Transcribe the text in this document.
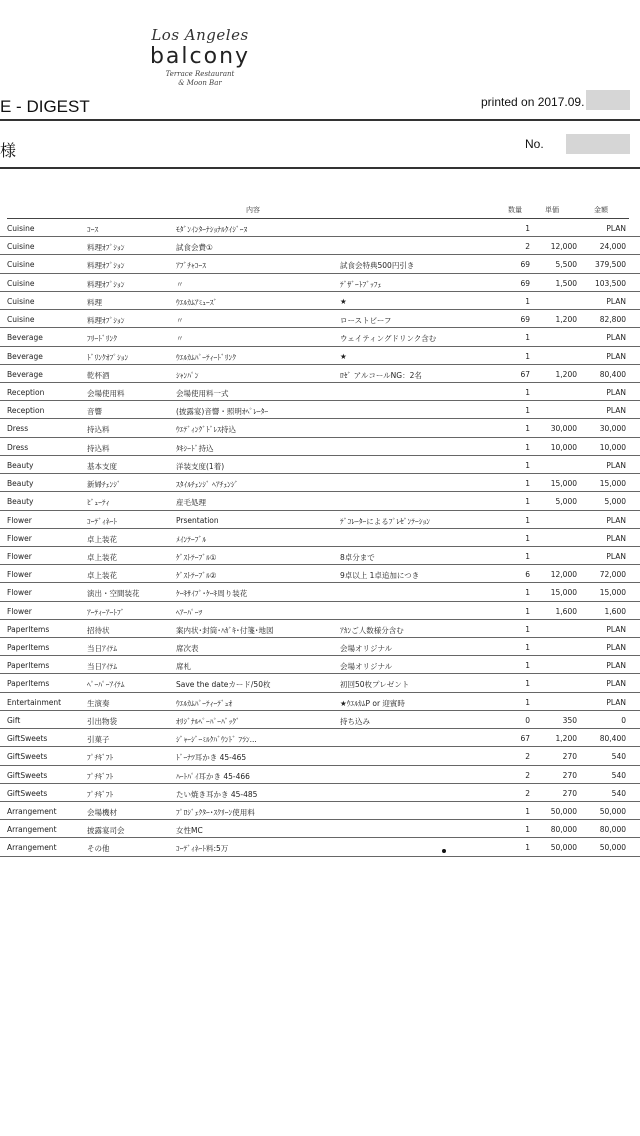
Los Angeles
balcony
Terrace Restaurant
& Moon Bar
E - DIGEST	printed on 2017.09.
様	No.
内容	数量	単価	金額
Cuisine	ｺｰｽ	ﾓﾀﾞﾝｲﾝﾀｰﾅｼｮﾅﾙｸｲｼﾞｰﾇ	1	PLAN
Cuisine	料理ｵﾌﾟｼｮﾝ	試食会費①	2	12,000	24,000
Cuisine	料理ｵﾌﾟｼｮﾝ	ｱﾌﾞﾁｬｺｰｽ	試食会特典500円引き	69	5,500	379,500
Cuisine	料理ｵﾌﾟｼｮﾝ	〃	ﾃﾞｻﾞｰﾄﾌﾞｯﾌｪ	69	1,500	103,500
Cuisine	料理	ｳｴﾙｶﾑｱﾐｭｰｽﾞ	★	1	PLAN
Cuisine	料理ｵﾌﾟｼｮﾝ	〃	ローストビーフ	69	1,200	82,800
Beverage	ﾌﾘｰﾄﾞﾘﾝｸ	〃	ウェイティングドリンク含む	1	PLAN
Beverage	ﾄﾞﾘﾝｸｵﾌﾟｼｮﾝ	ｳｴﾙｶﾑﾊﾟｰﾃｨｰﾄﾞﾘﾝｸ	★	1	PLAN
Beverage	乾杯酒	ｼｬﾝﾊﾟﾝ	ﾛｾﾞ アルコールNG：2名	67	1,200	80,400
Reception	会場使用料	会場使用料一式	1	PLAN
Reception	音響	(披露宴)音響・照明ｵﾍﾟﾚｰﾀｰ	1	PLAN
Dress	持込料	ｳｴﾃﾞｨﾝｸﾞﾄﾞﾚｽ持込	1	30,000	30,000
Dress	持込料	ﾀｷｼｰﾄﾞ持込	1	10,000	10,000
Beauty	基本支度	洋装支度(1着)	1	PLAN
Beauty	新婦ﾁｪﾝｼﾞ	ｽﾀｲﾙﾁｪﾝｼﾞ ﾍｱﾁｪﾝｼﾞ	1	15,000	15,000
Beauty	ﾋﾞｭｰﾃｨ	産毛処理	1	5,000	5,000
Flower	ｺｰﾃﾞｨﾈｰﾄ	Prsentation	ﾃﾞｺﾚｰﾀｰによるﾌﾟﾚｾﾞﾝﾃｰｼｮﾝ	1	PLAN
Flower	卓上装花	ﾒｲﾝﾃｰﾌﾞﾙ	1	PLAN
Flower	卓上装花	ｹﾞｽﾄﾃｰﾌﾞﾙ①	8卓分まで	1	PLAN
Flower	卓上装花	ｹﾞｽﾄﾃｰﾌﾞﾙ②	9卓以上 1卓追加につき	6	12,000	72,000
Flower	演出・空間装花	ｹｰｷｻｲﾌﾟ･ｹｰｷ周り装花	1	15,000	15,000
Flower	ｱｰﾃｨｰｱｰﾄﾌﾞ	ﾍｱｰﾊﾟｰﾂ	1	1,600	1,600
PaperItems	招待状	案内状･封筒･ﾊｶﾞｷ･付箋･地図	ｱｶﾝご人数様分含む	1	PLAN
PaperItems	当日ｱｲﾃﾑ	席次表	会場オリジナル	1	PLAN
PaperItems	当日ｱｲﾃﾑ	席札	会場オリジナル	1	PLAN
PaperItems	ﾍﾟｰﾊﾟｰｱｲﾃﾑ	Save the dateカード/50枚	初回50枚プレゼント	1	PLAN
Entertainment	生演奏	ｳｴﾙｶﾑﾊﾟｰﾃｨｰﾃﾞｭｵ	★ｳｴﾙｶﾑP or 迎賓時	1	PLAN
Gift	引出物袋	ｵﾘｼﾞﾅﾙﾍﾟｰﾊﾟｰﾊﾞｯｸﾞ	持ち込み	0	350	0
GiftSweets	引菓子	ｼﾞｬｰｼﾞｰﾐﾙｸﾊﾞｳﾝﾄﾞ ﾌﾗﾝ...	67	1,200	80,400
GiftSweets	ﾌﾟﾁｷﾞﾌﾄ	ﾄﾞｰﾅﾂ耳かき 45-465	2	270	540
GiftSweets	ﾌﾟﾁｷﾞﾌﾄ	ﾊｰﾄﾊﾟｲ耳かき 45-466	2	270	540
GiftSweets	ﾌﾟﾁｷﾞﾌﾄ	たい焼き耳かき 45-485	2	270	540
Arrangement	会場機材	ﾌﾟﾛｼﾞｪｸﾀｰ･ｽｸﾘｰﾝ使用料	1	50,000	50,000
Arrangement	披露宴司会	女性MC	1	80,000	80,000
Arrangement	その他	ｺｰﾃﾞｨﾈｰﾄ料:5万	1	50,000	50,000
